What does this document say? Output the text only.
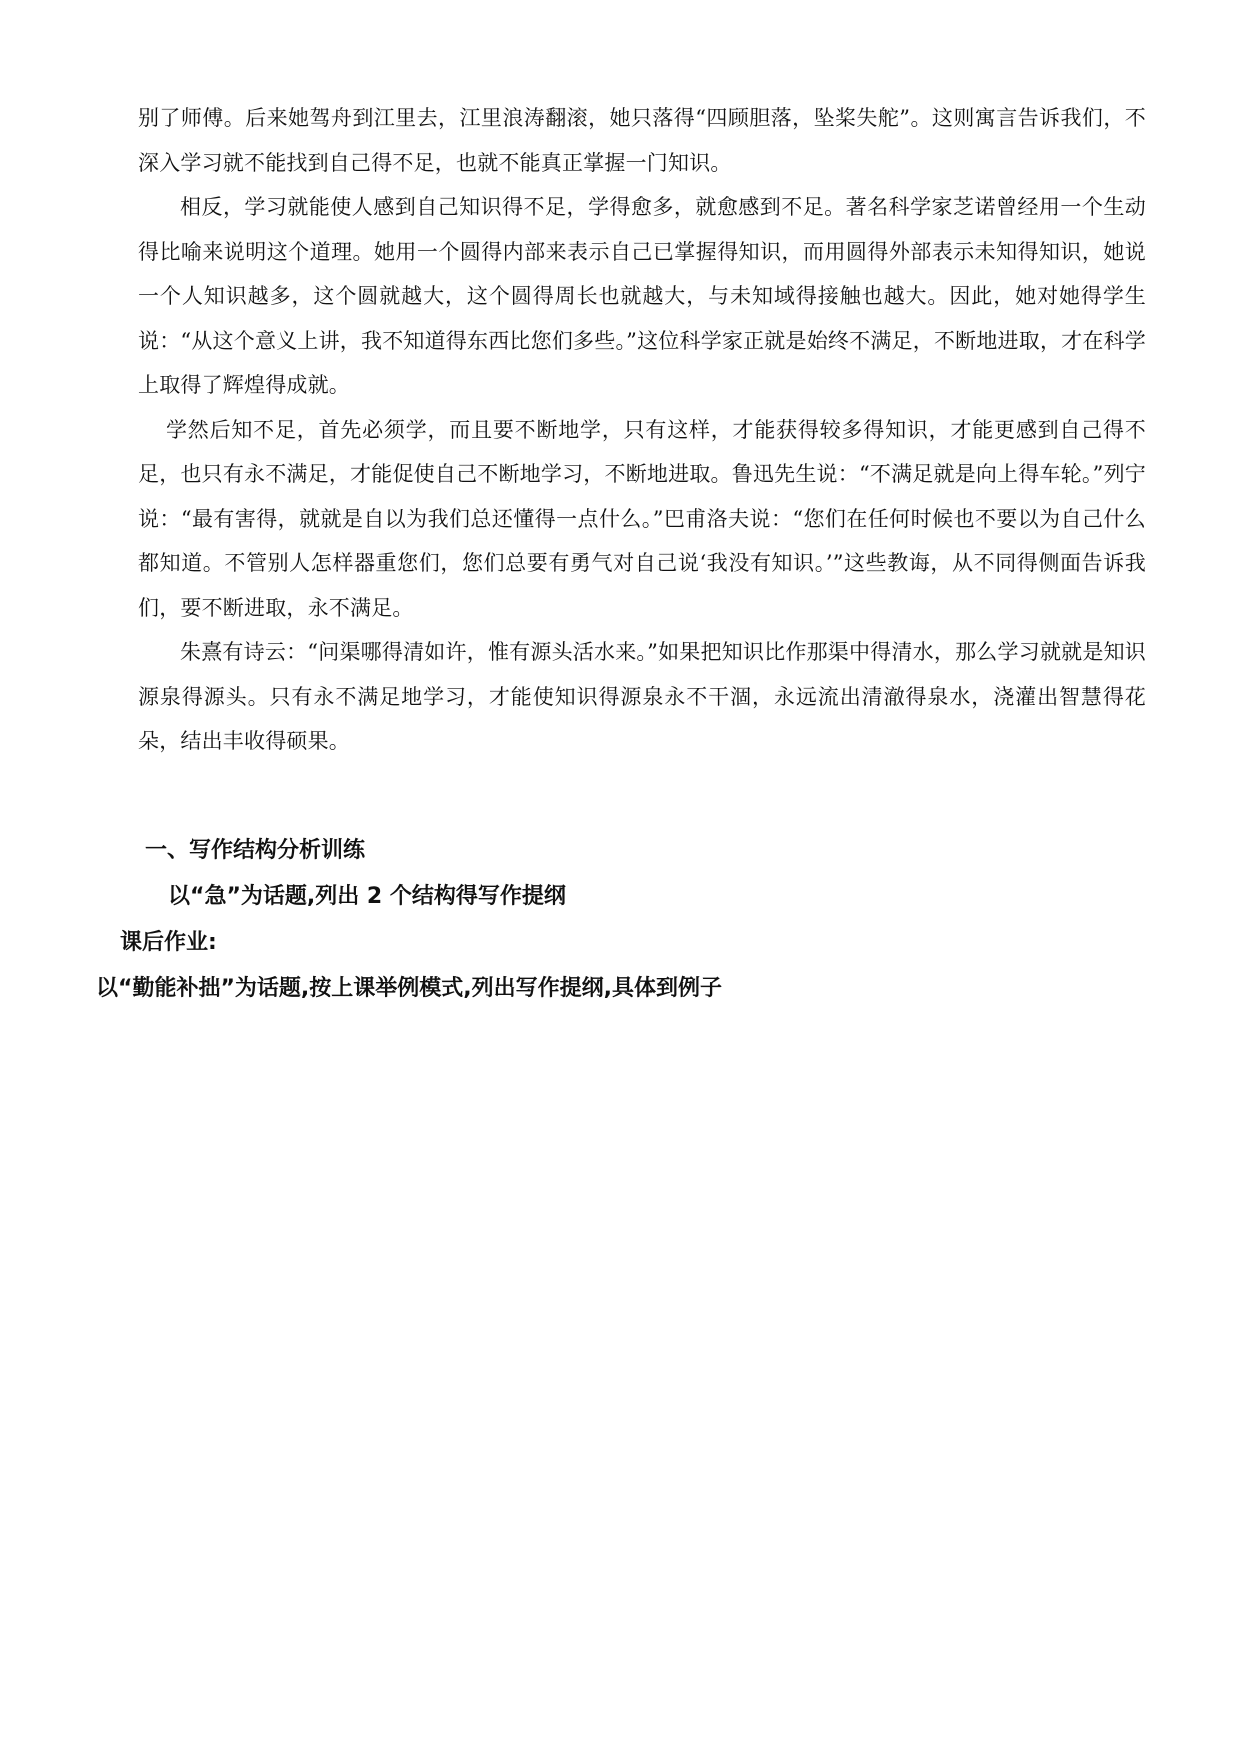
别了师傅。后来她驾舟到江里去，江里浪涛翻滚，她只落得“四顾胆落，坠桨失舵”。这则寓言告诉我们，不深入学习就不能找到自己得不足，也就不能真正掌握一门知识。

相反，学习就能使人感到自己知识得不足，学得愈多，就愈感到不足。著名科学家芝诺曾经用一个生动得比喻来说明这个道理。她用一个圆得内部来表示自己已掌握得知识，而用圆得外部表示未知得知识，她说一个人知识越多，这个圆就越大，这个圆得周长也就越大，与未知域得接触也越大。因此，她对她得学生说：“从这个意义上讲，我不知道得东西比您们多些。”这位科学家正就是始终不满足，不断地进取，才在科学上取得了辉煌得成就。

学然后知不足，首先必须学，而且要不断地学，只有这样，才能获得较多得知识，才能更感到自己得不足，也只有永不满足，才能促使自己不断地学习，不断地进取。鲁迅先生说：“不满足就是向上得车轮。”列宁说：“最有害得，就就是自以为我们总还懂得一点什么。”巴甫洛夫说：“您们在任何时候也不要以为自己什么都知道。不管别人怎样器重您们，您们总要有勇气对自己说‘我没有知识。’”这些教诲，从不同得侧面告诉我们，要不断进取，永不满足。

朱熹有诗云：“问渠哪得清如许，惟有源头活水来。”如果把知识比作那渠中得清水，那么学习就就是知识源泉得源头。只有永不满足地学习，才能使知识得源泉永不干涸，永远流出清澈得泉水，浇灌出智慧得花朵，结出丰收得硕果。

一、写作结构分析训练

以“急”为话题,列出 2 个结构得写作提纲

课后作业:

以“勤能补拙”为话题,按上课举例模式,列出写作提纲,具体到例子
